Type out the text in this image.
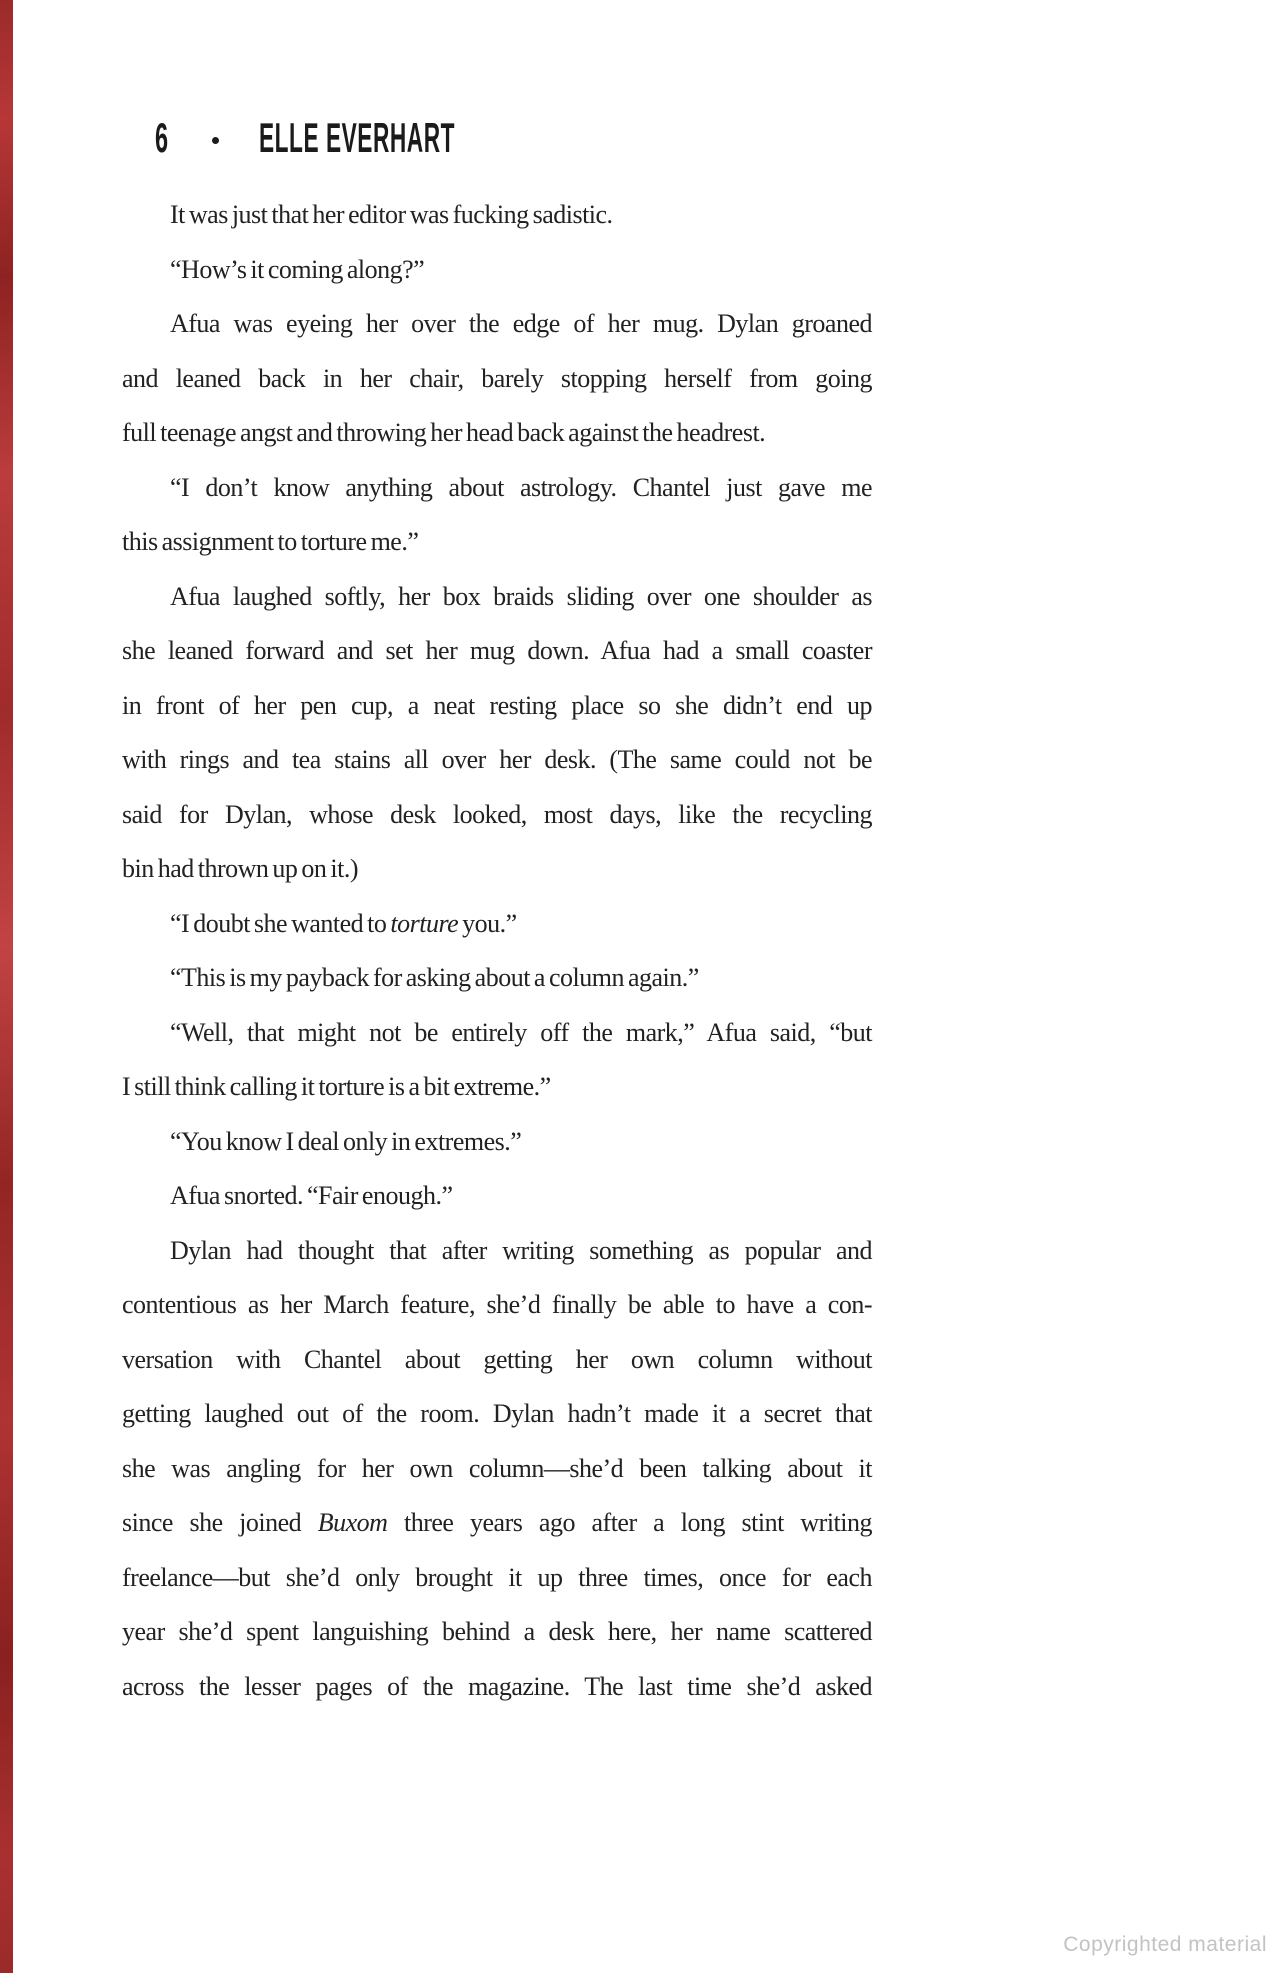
6 ELLE EVERHART
It was just that her editor was fucking sadistic.
“How’s it coming along?”
Afua was eyeing her over the edge of her mug. Dylan groaned
and leaned back in her chair, barely stopping herself from going
full teenage angst and throwing her head back against the headrest.
“I don’t know anything about astrology. Chantel just gave me
this assignment to torture me.”
Afua laughed softly, her box braids sliding over one shoulder as
she leaned forward and set her mug down. Afua had a small coaster
in front of her pen cup, a neat resting place so she didn’t end up
with rings and tea stains all over her desk. (The same could not be
said for Dylan, whose desk looked, most days, like the recycling
bin had thrown up on it.)
“I doubt she wanted to torture you.”
“This is my payback for asking about a column again.”
“Well, that might not be entirely off the mark,” Afua said, “but
I still think calling it torture is a bit extreme.”
“You know I deal only in extremes.”
Afua snorted. “Fair enough.”
Dylan had thought that after writing something as popular and
contentious as her March feature, she’d finally be able to have a con-
versation with Chantel about getting her own column without
getting laughed out of the room. Dylan hadn’t made it a secret that
she was angling for her own column—she’d been talking about it
since she joined Buxom three years ago after a long stint writing
freelance—but she’d only brought it up three times, once for each
year she’d spent languishing behind a desk here, her name scattered
across the lesser pages of the magazine. The last time she’d asked
Copyrighted material
